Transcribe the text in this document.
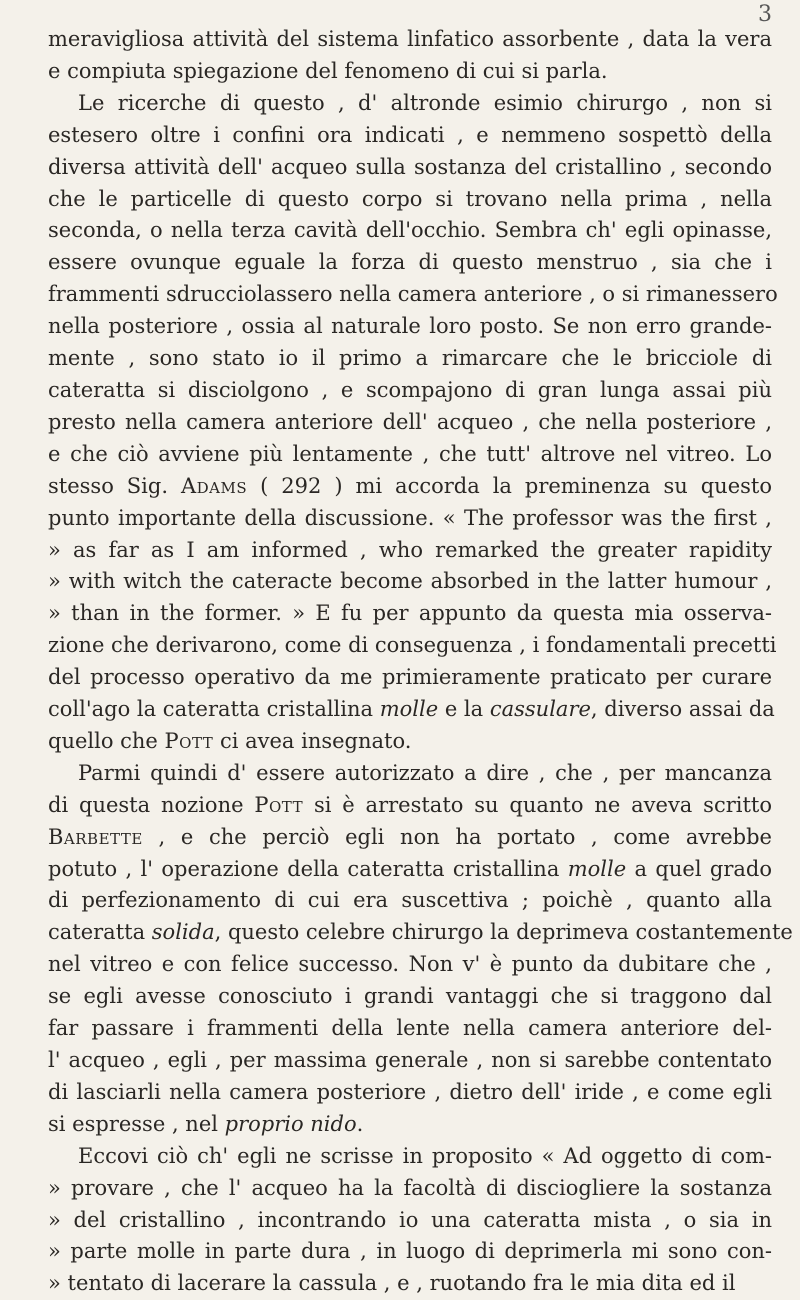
3
meravigliosa attività del sistema linfatico assorbente , data la vera
e compiuta spiegazione del fenomeno di cui si parla.
Le ricerche di questo , d' altronde esimio chirurgo , non si
estesero oltre i confini ora indicati , e nemmeno sospettò della
diversa attività dell' acqueo sulla sostanza del cristallino , secondo
che le particelle di questo corpo si trovano nella prima , nella
seconda, o nella terza cavità dell'occhio. Sembra ch' egli opinasse,
essere ovunque eguale la forza di questo menstruo , sia che i
frammenti sdrucciolassero nella camera anteriore , o si rimanessero
nella posteriore , ossia al naturale loro posto. Se non erro grande-
mente , sono stato io il primo a rimarcare che le bricciole di
cateratta si disciolgono , e scompajono di gran lunga assai più
presto nella camera anteriore dell' acqueo , che nella posteriore ,
e che ciò avviene più lentamente , che tutt' altrove nel vitreo. Lo
stesso Sig. Adams ( 292 ) mi accorda la preminenza su questo
punto importante della discussione. « The professor was the first ,
» as far as I am informed , who remarked the greater rapidity
» with witch the cateracte become absorbed in the latter humour ,
» than in the former. » E fu per appunto da questa mia osserva-
zione che derivarono, come di conseguenza , i fondamentali precetti
del processo operativo da me primieramente praticato per curare
coll'ago la cateratta cristallina molle e la cassulare, diverso assai da
quello che Pott ci avea insegnato.
Parmi quindi d' essere autorizzato a dire , che , per mancanza
di questa nozione Pott si è arrestato su quanto ne aveva scritto
Barbette , e che perciò egli non ha portato , come avrebbe
potuto , l' operazione della cateratta cristallina molle a quel grado
di perfezionamento di cui era suscettiva ; poichè , quanto alla
cateratta solida, questo celebre chirurgo la deprimeva costantemente
nel vitreo e con felice successo. Non v' è punto da dubitare che ,
se egli avesse conosciuto i grandi vantaggi che si traggono dal
far passare i frammenti della lente nella camera anteriore del-
l' acqueo , egli , per massima generale , non si sarebbe contentato
di lasciarli nella camera posteriore , dietro dell' iride , e come egli
si espresse , nel proprio nido.
Eccovi ciò ch' egli ne scrisse in proposito « Ad oggetto di com-
» provare , che l' acqueo ha la facoltà di disciogliere la sostanza
» del cristallino , incontrando io una cateratta mista , o sia in
» parte molle in parte dura , in luogo di deprimerla mi sono con-
» tentato di lacerare la cassula , e , ruotando fra le mia dita ed il
